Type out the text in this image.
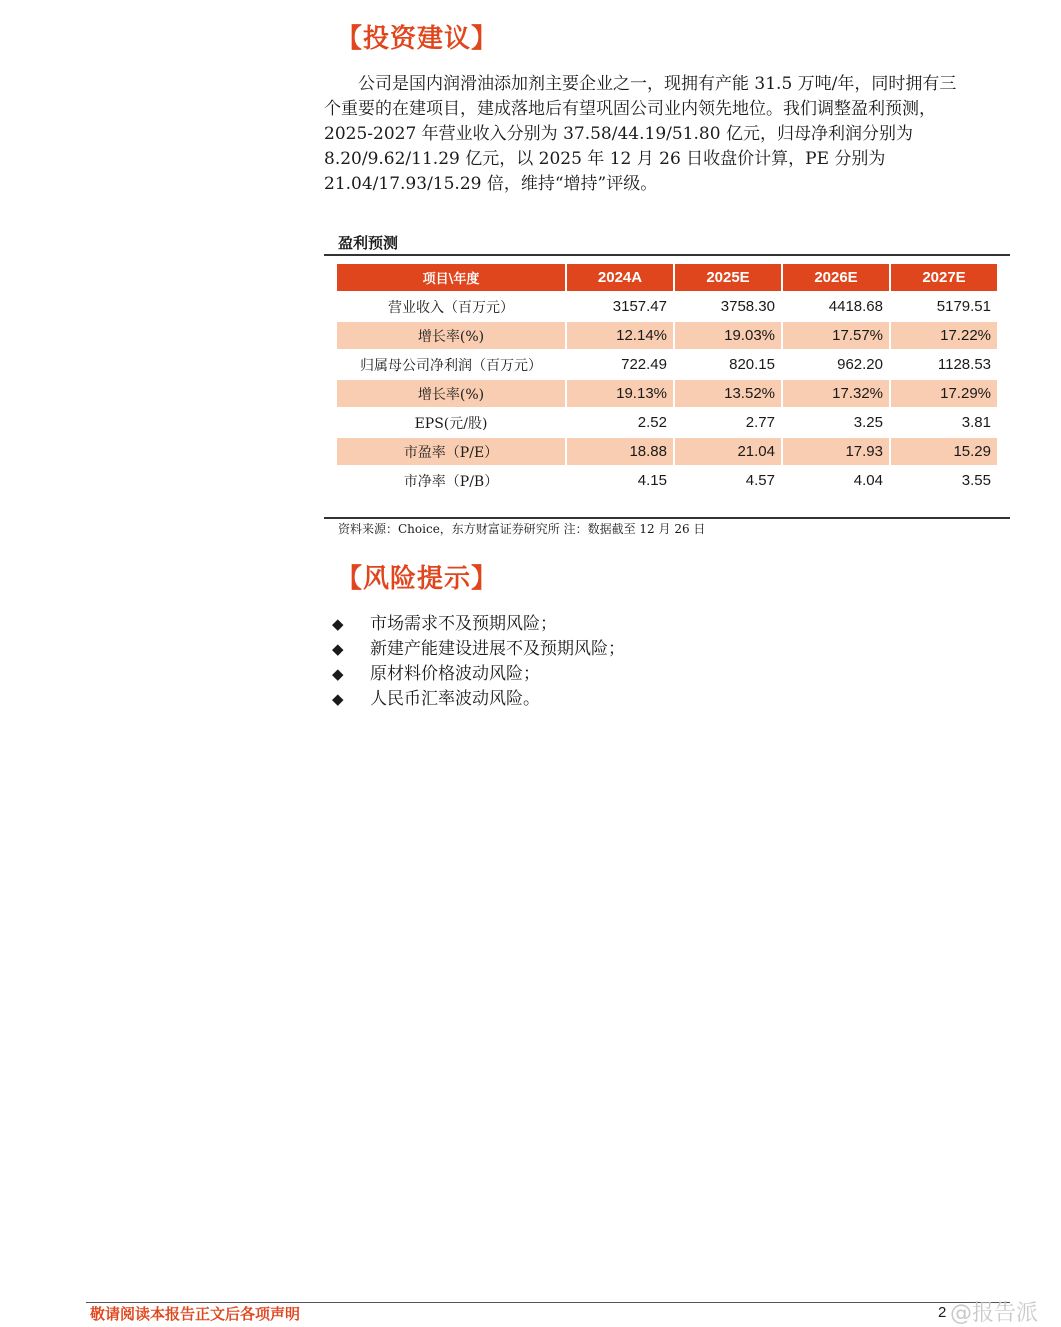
【投资建议】
公司是国内润滑油添加剂主要企业之一，现拥有产能 31.5 万吨/年，同时拥有三
个重要的在建项目，建成落地后有望巩固公司业内领先地位。我们调整盈利预测，
2025-2027 年营业收入分别为 37.58/44.19/51.80 亿元，归母净利润分别为
8.20/9.62/11.29 亿元，以 2025 年 12 月 26 日收盘价计算，PE 分别为
21.04/17.93/15.29 倍，维持“增持”评级。
盈利预测
项目\年度	2024A	2025E	2026E	2027E
营业收入（百万元）	3157.47	3758.30	4418.68	5179.51
增长率(%)	12.14%	19.03%	17.57%	17.22%
归属母公司净利润（百万元）	722.49	820.15	962.20	1128.53
增长率(%)	19.13%	13.52%	17.32%	17.29%
EPS(元/股)	2.52	2.77	3.25	3.81
市盈率（P/E）	18.88	21.04	17.93	15.29
市净率（P/B）	4.15	4.57	4.04	3.55
资料来源：Choice，东方财富证券研究所 注：数据截至 12 月 26 日
【风险提示】
◆ 市场需求不及预期风险；
◆ 新建产能建设进展不及预期风险；
◆ 原材料价格波动风险；
◆ 人民币汇率波动风险。
敬请阅读本报告正文后各项声明	2 @报告派
